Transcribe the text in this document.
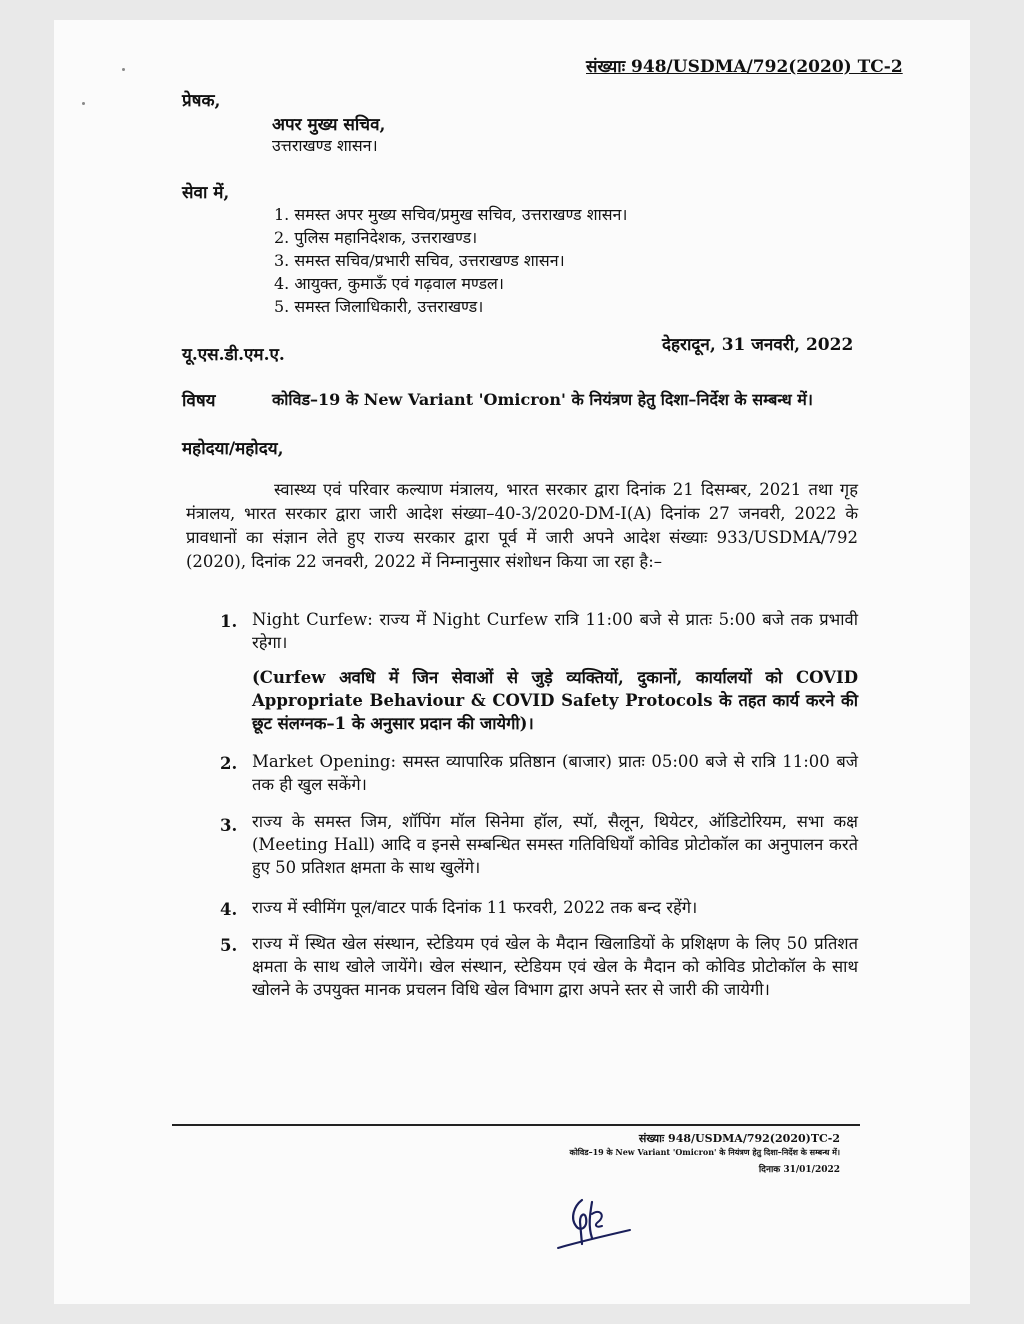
संख्याः 948/USDMA/792(2020) TC-2
प्रेषक,
अपर मुख्य सचिव,
उत्तराखण्ड शासन।
सेवा में,
1. समस्त अपर मुख्य सचिव/प्रमुख सचिव, उत्तराखण्ड शासन।
2. पुलिस महानिदेशक, उत्तराखण्ड।
3. समस्त सचिव/प्रभारी सचिव, उत्तराखण्ड शासन।
4. आयुक्त, कुमाऊँ एवं गढ़वाल मण्डल।
5. समस्त जिलाधिकारी, उत्तराखण्ड।
यू.एस.डी.एम.ए.	देहरादून, 31 जनवरी, 2022
विषय	कोविड–19 के New Variant 'Omicron' के नियंत्रण हेतु दिशा–निर्देश के सम्बन्ध में।
महोदया/महोदय,
स्वास्थ्य एवं परिवार कल्याण मंत्रालय, भारत सरकार द्वारा दिनांक 21 दिसम्बर, 2021 तथा गृह मंत्रालय, भारत सरकार द्वारा जारी आदेश संख्या–40-3/2020-DM-I(A) दिनांक 27 जनवरी, 2022 के प्रावधानों का संज्ञान लेते हुए राज्य सरकार द्वारा पूर्व में जारी अपने आदेश संख्याः 933/USDMA/792 (2020), दिनांक 22 जनवरी, 2022 में निम्नानुसार संशोधन किया जा रहा है:–
1. Night Curfew: राज्य में Night Curfew रात्रि 11:00 बजे से प्रातः 5:00 बजे तक प्रभावी रहेगा।
(Curfew अवधि में जिन सेवाओं से जुड़े व्यक्तियों, दुकानों, कार्यालयों को COVID Appropriate Behaviour & COVID Safety Protocols के तहत कार्य करने की छूट संलग्नक–1 के अनुसार प्रदान की जायेगी)।
2. Market Opening: समस्त व्यापारिक प्रतिष्ठान (बाजार) प्रातः 05:00 बजे से रात्रि 11:00 बजे तक ही खुल सकेंगे।
3. राज्य के समस्त जिम, शॉपिंग मॉल सिनेमा हॉल, स्पॉ, सैलून, थियेटर, ऑडिटोरियम, सभा कक्ष (Meeting Hall) आदि व इनसे सम्बन्धित समस्त गतिविधियाँ कोविड प्रोटोकॉल का अनुपालन करते हुए 50 प्रतिशत क्षमता के साथ खुलेंगे।
4. राज्य में स्वीमिंग पूल/वाटर पार्क दिनांक 11 फरवरी, 2022 तक बन्द रहेंगे।
5. राज्य में स्थित खेल संस्थान, स्टेडियम एवं खेल के मैदान खिलाडियों के प्रशिक्षण के लिए 50 प्रतिशत क्षमता के साथ खोले जायेंगे। खेल संस्थान, स्टेडियम एवं खेल के मैदान को कोविड प्रोटोकॉल के साथ खोलने के उपयुक्त मानक प्रचलन विधि खेल विभाग द्वारा अपने स्तर से जारी की जायेगी।
संख्याः 948/USDMA/792(2020)TC-2
कोविड–19 के New Variant 'Omicron' के नियंत्रण हेतु दिशा–निर्देश के सम्बन्ध में।
दिनाक 31/01/2022
